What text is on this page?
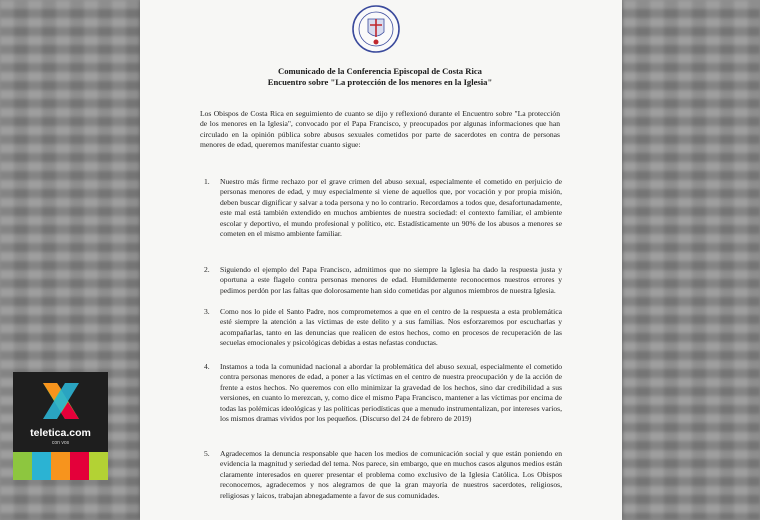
Comunicado de la Conferencia Episcopal de Costa Rica
Encuentro sobre "La protección de los menores en la Iglesia"
Los Obispos de Costa Rica en seguimiento de cuanto se dijo y reflexionó durante el Encuentro sobre "La protección de los menores en la Iglesia", convocado por el Papa Francisco, y preocupados por algunas informaciones que han circulado en la opinión pública sobre abusos sexuales cometidos por parte de sacerdotes en contra de personas menores de edad, queremos manifestar cuanto sigue:
1. Nuestro más firme rechazo por el grave crimen del abuso sexual, especialmente el cometido en perjuicio de personas menores de edad, y muy especialmente si viene de aquellos que, por vocación y por propia misión, deben buscar dignificar y salvar a toda persona y no lo contrario. Recordamos a todos que, desafortunadamente, este mal está también extendido en muchos ambientes de nuestra sociedad: el contexto familiar, el ambiente escolar y deportivo, el mundo profesional y político, etc. Estadísticamente un 90% de los abusos a menores se cometen en el mismo ambiente familiar.
2. Siguiendo el ejemplo del Papa Francisco, admitimos que no siempre la Iglesia ha dado la respuesta justa y oportuna a este flagelo contra personas menores de edad. Humildemente reconocemos nuestros errores y pedimos perdón por las faltas que dolorosamente han sido cometidas por algunos miembros de nuestra Iglesia.
3. Como nos lo pide el Santo Padre, nos comprometemos a que en el centro de la respuesta a esta problemática esté siempre la atención a las víctimas de este delito y a sus familias. Nos esforzaremos por escucharlas y acompañarlas, tanto en las denuncias que realicen de estos hechos, como en procesos de recuperación de las secuelas emocionales y psicológicas debidas a estas nefastas conductas.
4. Instamos a toda la comunidad nacional a abordar la problemática del abuso sexual, especialmente el cometido contra personas menores de edad, a poner a las víctimas en el centro de nuestra preocupación y de la acción de frente a estos hechos. No queremos con ello minimizar la gravedad de los hechos, sino dar credibilidad a sus versiones, en cuanto lo merezcan, y, como dice el mismo Papa Francisco, mantener a las víctimas por encima de todas las polémicas ideológicas y las políticas periodísticas que a menudo instrumentalizan, por intereses varios, los mismos dramas vividos por los pequeños. (Discurso del 24 de febrero de 2019)
5. Agradecemos la denuncia responsable que hacen los medios de comunicación social y que están poniendo en evidencia la magnitud y seriedad del tema. Nos parece, sin embargo, que en muchos casos algunos medios están claramente interesados en querer presentar el problema como exclusivo de la Iglesia Católica. Los Obispos reconocemos, agradecemos y nos alegramos de que la gran mayoría de nuestros sacerdotes, religiosos, religiosas y laicos, trabajan abnegadamente a favor de sus comunidades.
teletica.com
con vos
